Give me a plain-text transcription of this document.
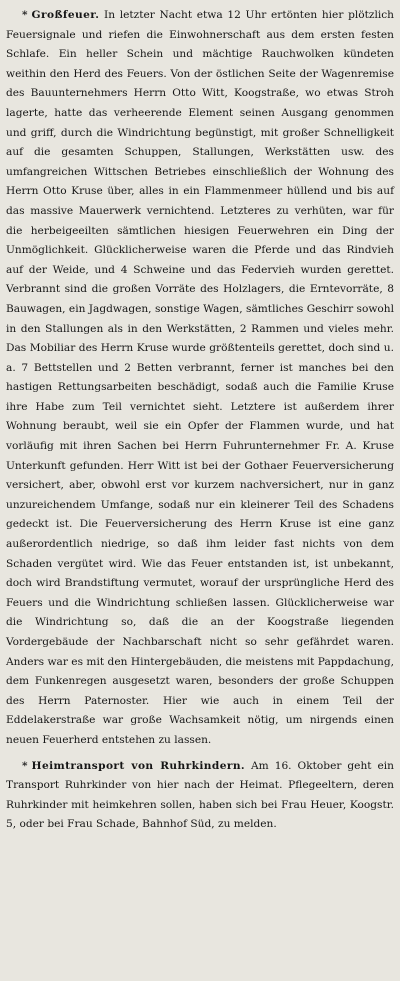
* Großfeuer. In letzter Nacht etwa 12 Uhr ertönten hier plötzlich Feuersignale und riefen die Einwohnerschaft aus dem ersten festen Schlafe. Ein heller Schein und mächtige Rauchwolken kündeten weithin den Herd des Feuers. Von der östlichen Seite der Wagenremise des Bauunternehmers Herrn Otto Witt, Koogstraße, wo etwas Stroh lagerte, hatte das verheerende Element seinen Ausgang genommen und griff, durch die Windrichtung begünstigt, mit großer Schnelligkeit auf die gesamten Schuppen, Stallungen, Werkstätten usw. des umfangreichen Wittschen Betriebes einschließlich der Wohnung des Herrn Otto Kruse über, alles in ein Flammenmeer hüllend und bis auf das massive Mauerwerk vernichtend. Letzteres zu verhüten, war für die herbeigeeilten sämtlichen hiesigen Feuerwehren ein Ding der Unmöglichkeit. Glücklicherweise waren die Pferde und das Rindvieh auf der Weide, und 4 Schweine und das Federvieh wurden gerettet. Verbrannt sind die großen Vorräte des Holzlagers, die Erntevorräte, 8 Bauwagen, ein Jagdwagen, sonstige Wagen, sämtliches Geschirr sowohl in den Stallungen als in den Werkstätten, 2 Rammen und vieles mehr. Das Mobiliar des Herrn Kruse wurde größtenteils gerettet, doch sind u. a. 7 Bettstellen und 2 Betten verbrannt, ferner ist manches bei den hastigen Rettungsarbeiten beschädigt, sodaß auch die Familie Kruse ihre Habe zum Teil vernichtet sieht. Letztere ist außerdem ihrer Wohnung beraubt, weil sie ein Opfer der Flammen wurde, und hat vorläufig mit ihren Sachen bei Herrn Fuhrunternehmer Fr. A. Kruse Unterkunft gefunden. Herr Witt ist bei der Gothaer Feuerversicherung versichert, aber, obwohl erst vor kurzem nachversichert, nur in ganz unzureichendem Umfange, sodaß nur ein kleinerer Teil des Schadens gedeckt ist. Die Feuerversicherung des Herrn Kruse ist eine ganz außerordentlich niedrige, so daß ihm leider fast nichts von dem Schaden vergütet wird. Wie das Feuer entstanden ist, ist unbekannt, doch wird Brandstiftung vermutet, worauf der ursprüngliche Herd des Feuers und die Windrichtung schließen lassen. Glücklicherweise war die Windrichtung so, daß die an der Koogstraße liegenden Vordergebäude der Nachbarschaft nicht so sehr gefährdet waren. Anders war es mit den Hintergebäuden, die meistens mit Pappdachung, dem Funkenregen ausgesetzt waren, besonders der große Schuppen des Herrn Paternoster. Hier wie auch in einem Teil der Eddelakerstraße war große Wachsamkeit nötig, um nirgends einen neuen Feuerherd entstehen zu lassen.

* Heimtransport von Ruhrkindern. Am 16. Oktober geht ein Transport Ruhrkinder von hier nach der Heimat. Pflegeeltern, deren Ruhrkinder mit heimkehren sollen, haben sich bei Frau Heuer, Koogstr. 5, oder bei Frau Schade, Bahnhof Süd, zu melden.
